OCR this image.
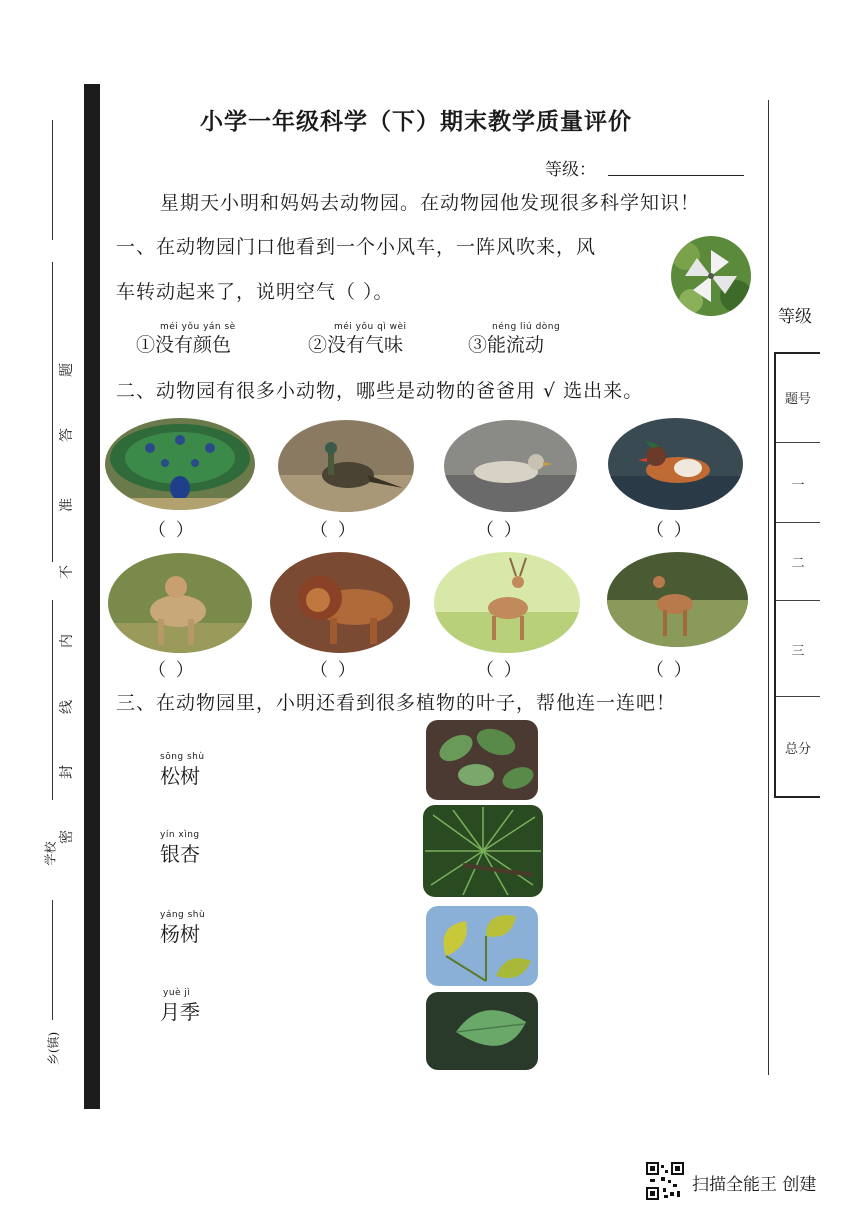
题
答
准
不
内
线
封
密
学校
乡(镇)
等级
题号
一
二
三
总分
小学一年级科学（下）期末教学质量评价
等级：
星期天小明和妈妈去动物园。在动物园他发现很多科学知识！
一、在动物园门口他看到一个小风车，一阵风吹来，风
车转动起来了，说明空气（ ）。
méi yǒu yán sè
①没有颜色
méi yǒu qì wèi
②没有气味
néng liú dòng
③能流动
二、动物园有很多小动物，哪些是动物的爸爸用 √ 选出来。
（ ）	（ ）	（ ）	（ ）
（ ）	（ ）	（ ）	（ ）
三、在动物园里，小明还看到很多植物的叶子，帮他连一连吧！
sōng shù
松树
yín xìng
银杏
yáng shù
杨树
yuè jì
月季
扫描全能王 创建
